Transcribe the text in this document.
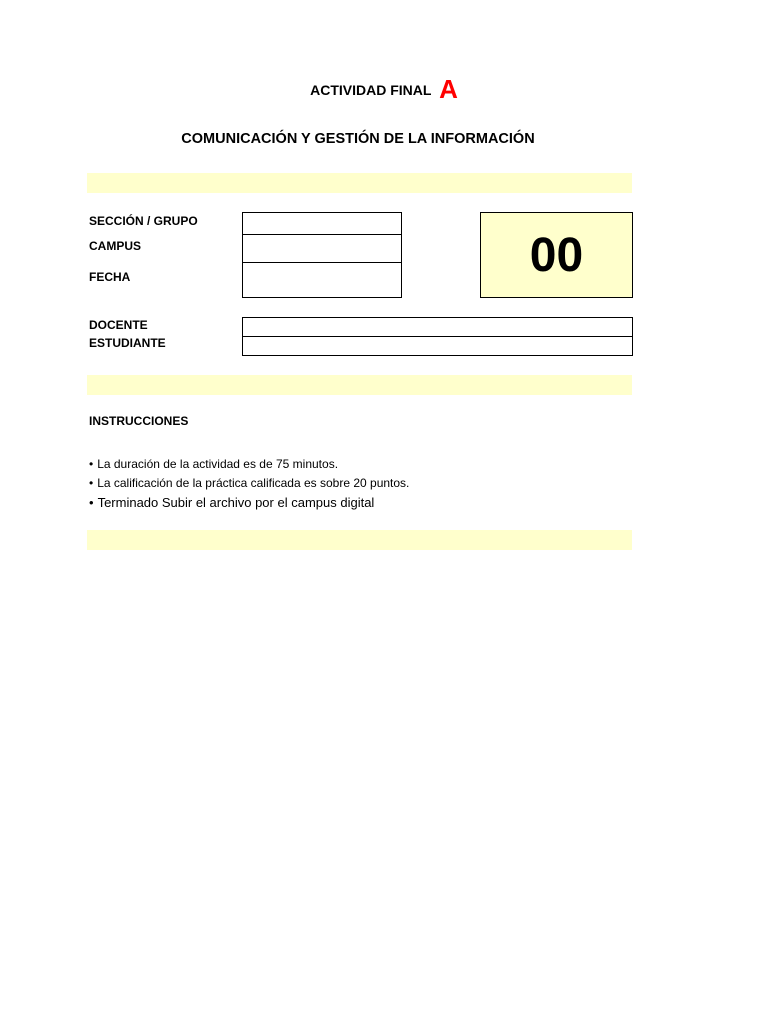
ACTIVIDAD FINAL A
COMUNICACIÓN Y GESTIÓN DE LA INFORMACIÓN
SECCIÓN / GRUPO
CAMPUS
FECHA	00
DOCENTE
ESTUDIANTE
INSTRUCCIONES
• La duración de la actividad es de 75 minutos.
• La calificación de la práctica calificada es sobre 20 puntos.
• Terminado Subir el archivo por el campus digital
